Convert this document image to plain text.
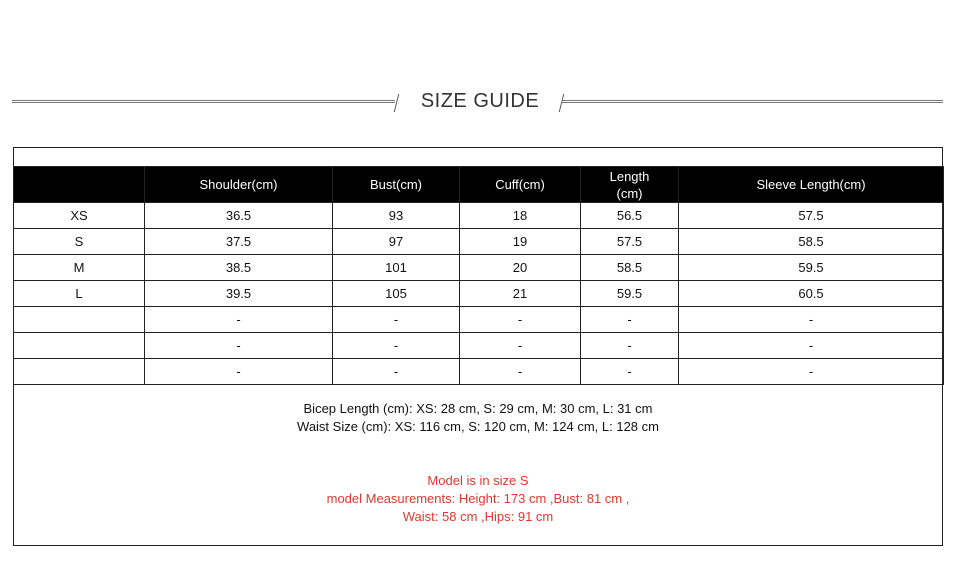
SIZE GUIDE
	Shoulder(cm)	Bust(cm)	Cuff(cm)	Length
(cm)	Sleeve Length(cm)
XS	36.5	93	18	56.5	57.5
S	37.5	97	19	57.5	58.5
M	38.5	101	20	58.5	59.5
L	39.5	105	21	59.5	60.5
	-	-	-	-	-
	-	-	-	-	-
	-	-	-	-	-
Bicep Length (cm): XS: 28 cm, S: 29 cm, M: 30 cm, L: 31 cm
Waist Size (cm): XS: 116 cm, S: 120 cm, M: 124 cm, L: 128 cm
Model is in size S
model Measurements: Height: 173 cm ,Bust: 81 cm ,
Waist: 58 cm ,Hips: 91 cm
